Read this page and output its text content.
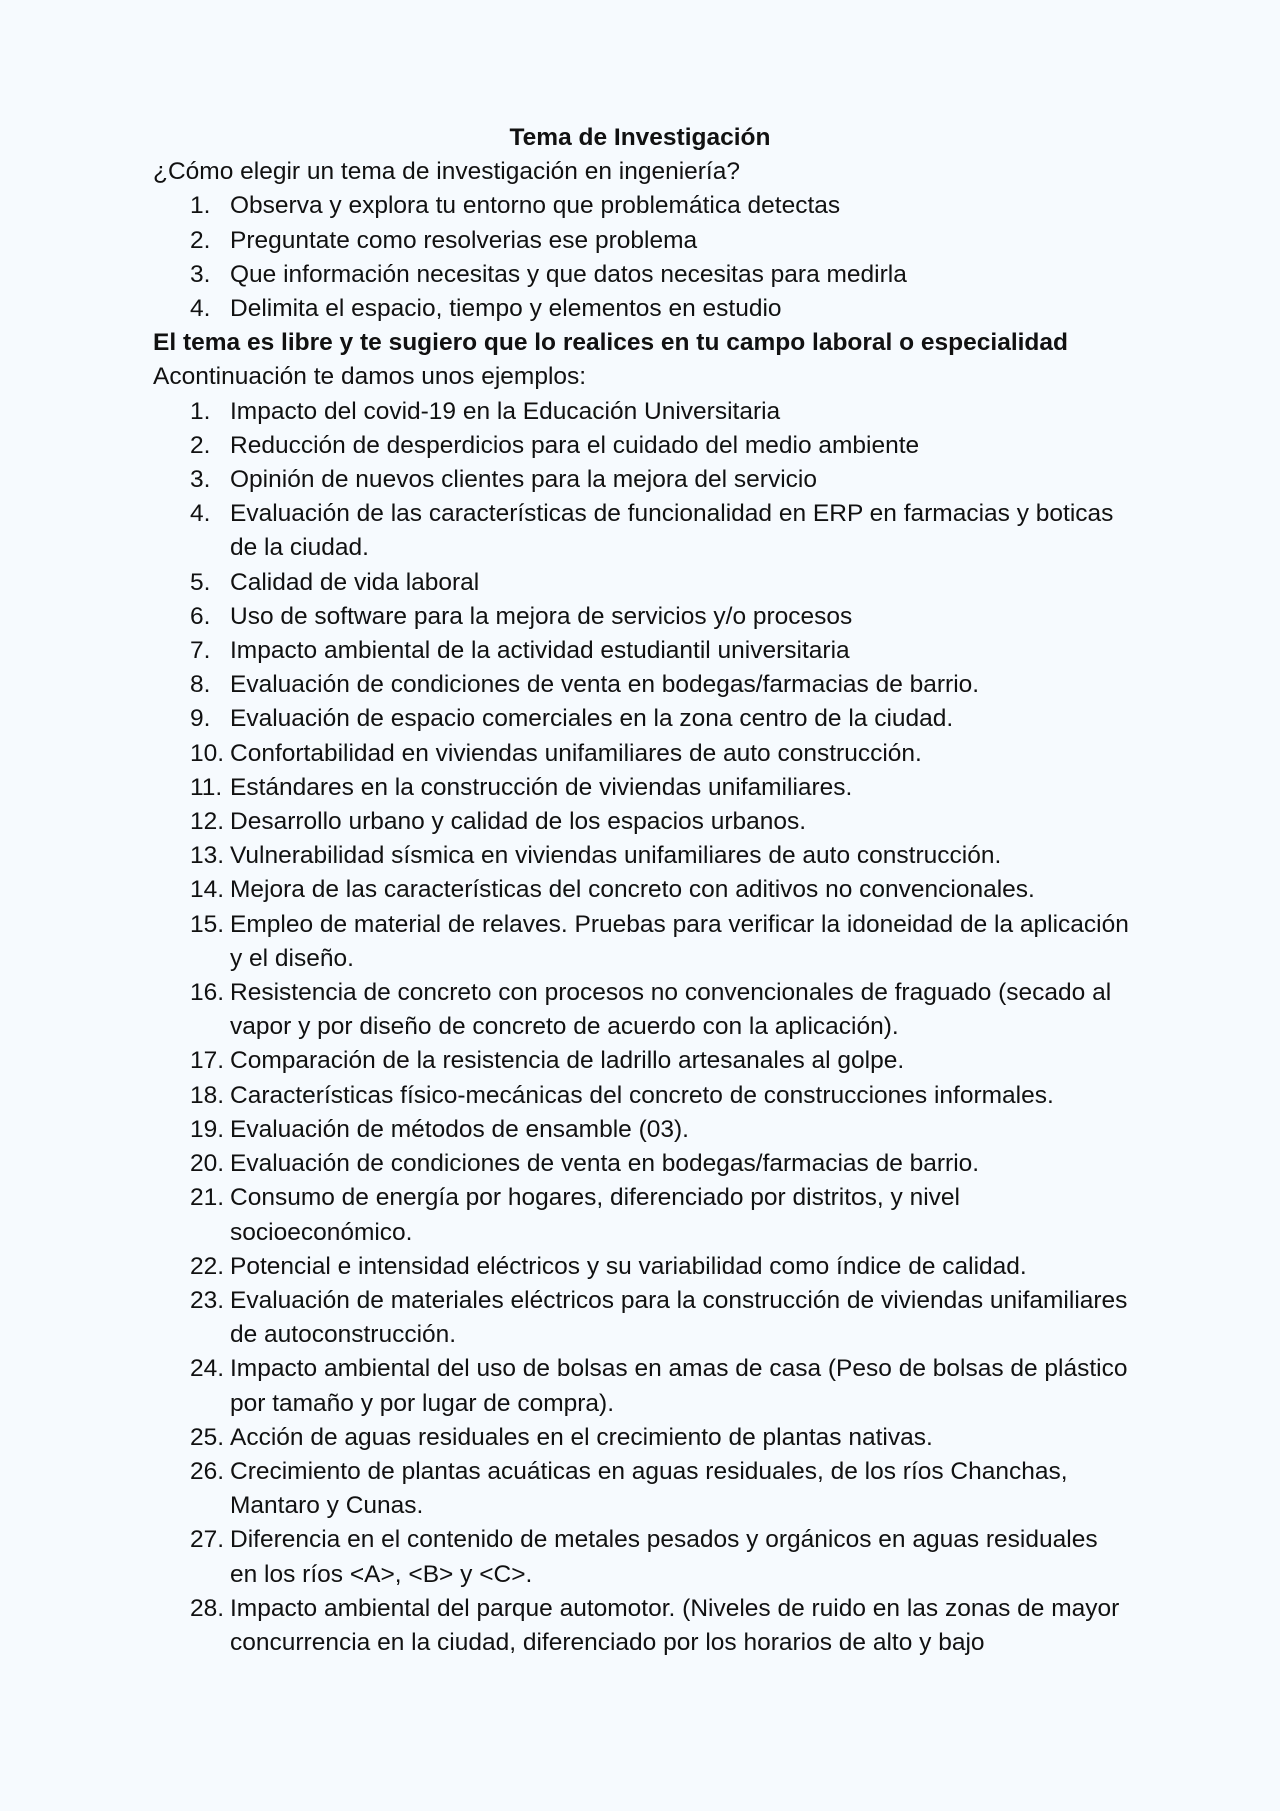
Tema de Investigación
¿Cómo elegir un tema de investigación en ingeniería?
1. Observa y explora tu entorno que problemática detectas
2. Preguntate como resolverias ese problema
3. Que información necesitas y que datos necesitas para medirla
4. Delimita el espacio, tiempo y elementos en estudio
El tema es libre y te sugiero que lo realices en tu campo laboral o especialidad
Acontinuación te damos unos ejemplos:
1. Impacto del covid-19 en la Educación Universitaria
2. Reducción de desperdicios para el cuidado del medio ambiente
3. Opinión de nuevos clientes para la mejora del servicio
4. Evaluación de las características de funcionalidad en ERP en farmacias y boticas de la ciudad.
5. Calidad de vida laboral
6. Uso de software para la mejora de servicios y/o procesos
7. Impacto ambiental de la actividad estudiantil universitaria
8. Evaluación de condiciones de venta en bodegas/farmacias de barrio.
9. Evaluación de espacio comerciales en la zona centro de la ciudad.
10. Confortabilidad en viviendas unifamiliares de auto construcción.
11. Estándares en la construcción de viviendas unifamiliares.
12. Desarrollo urbano y calidad de los espacios urbanos.
13. Vulnerabilidad sísmica en viviendas unifamiliares de auto construcción.
14. Mejora de las características del concreto con aditivos no convencionales.
15. Empleo de material de relaves. Pruebas para verificar la idoneidad de la aplicación y el diseño.
16. Resistencia de concreto con procesos no convencionales de fraguado (secado al vapor y por diseño de concreto de acuerdo con la aplicación).
17. Comparación de la resistencia de ladrillo artesanales al golpe.
18. Características físico-mecánicas del concreto de construcciones informales.
19. Evaluación de métodos de ensamble (03).
20. Evaluación de condiciones de venta en bodegas/farmacias de barrio.
21. Consumo de energía por hogares, diferenciado por distritos, y nivel socioeconómico.
22. Potencial e intensidad eléctricos y su variabilidad como índice de calidad.
23. Evaluación de materiales eléctricos para la construcción de viviendas unifamiliares de autoconstrucción.
24. Impacto ambiental del uso de bolsas en amas de casa (Peso de bolsas de plástico por tamaño y por lugar de compra).
25. Acción de aguas residuales en el crecimiento de plantas nativas.
26. Crecimiento de plantas acuáticas en aguas residuales, de los ríos Chanchas, Mantaro y Cunas.
27. Diferencia en el contenido de metales pesados y orgánicos en aguas residuales en los ríos <A>, <B> y <C>.
28. Impacto ambiental del parque automotor. (Niveles de ruido en las zonas de mayor concurrencia en la ciudad, diferenciado por los horarios de alto y bajo
